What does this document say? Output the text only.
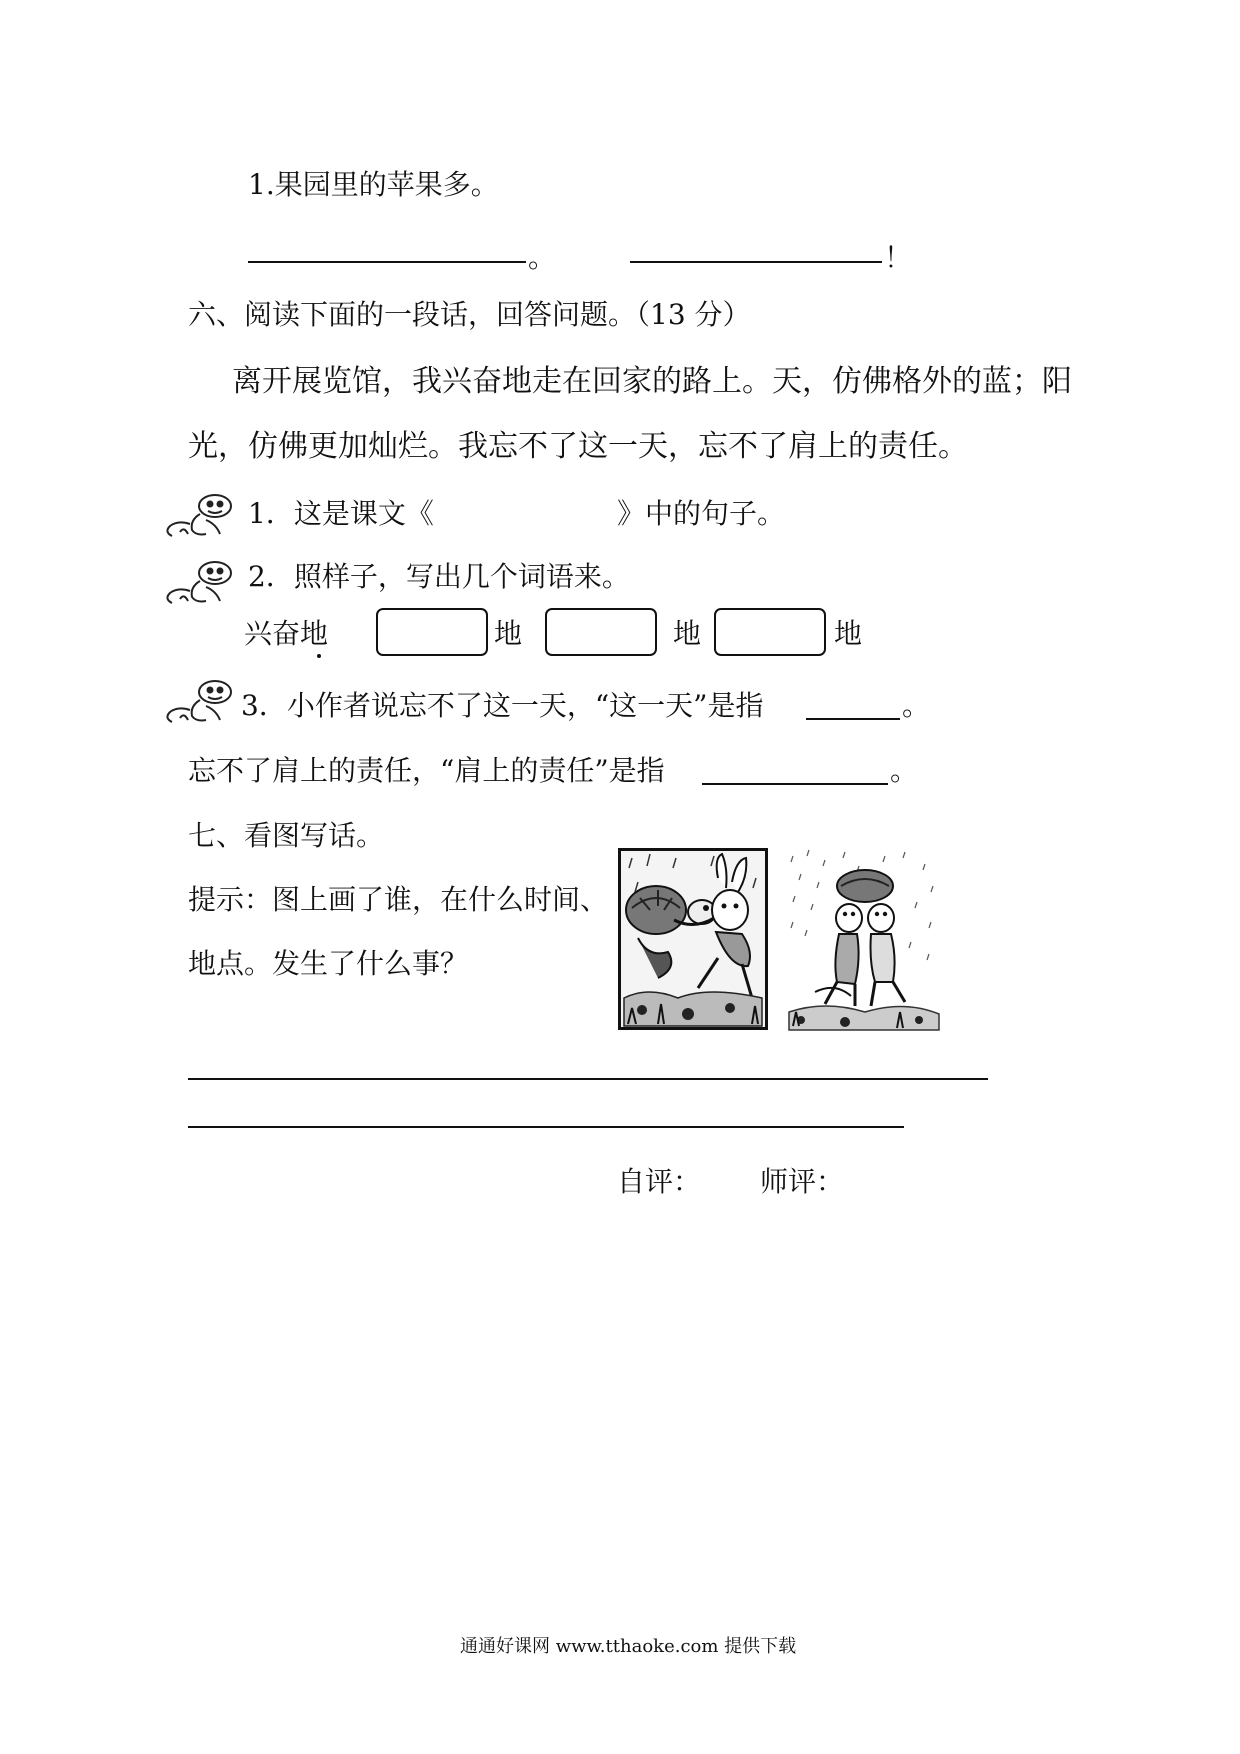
1.果园里的苹果多。
。	！
六、阅读下面的一段话，回答问题。（13 分）
离开展览馆，我兴奋地走在回家的路上。天，仿佛格外的蓝；阳
光，仿佛更加灿烂。我忘不了这一天，忘不了肩上的责任。
1．这是课文《	》中的句子。
2．照样子，写出几个词语来。
兴奋地	地	地	地
3．小作者说忘不了这一天，“这一天”是指	。
忘不了肩上的责任，“肩上的责任”是指	。
七、看图写话。
提示：图上画了谁，在什么时间、
地点。发生了什么事？
自评： 师评：
通通好课网 www.tthaoke.com 提供下载
